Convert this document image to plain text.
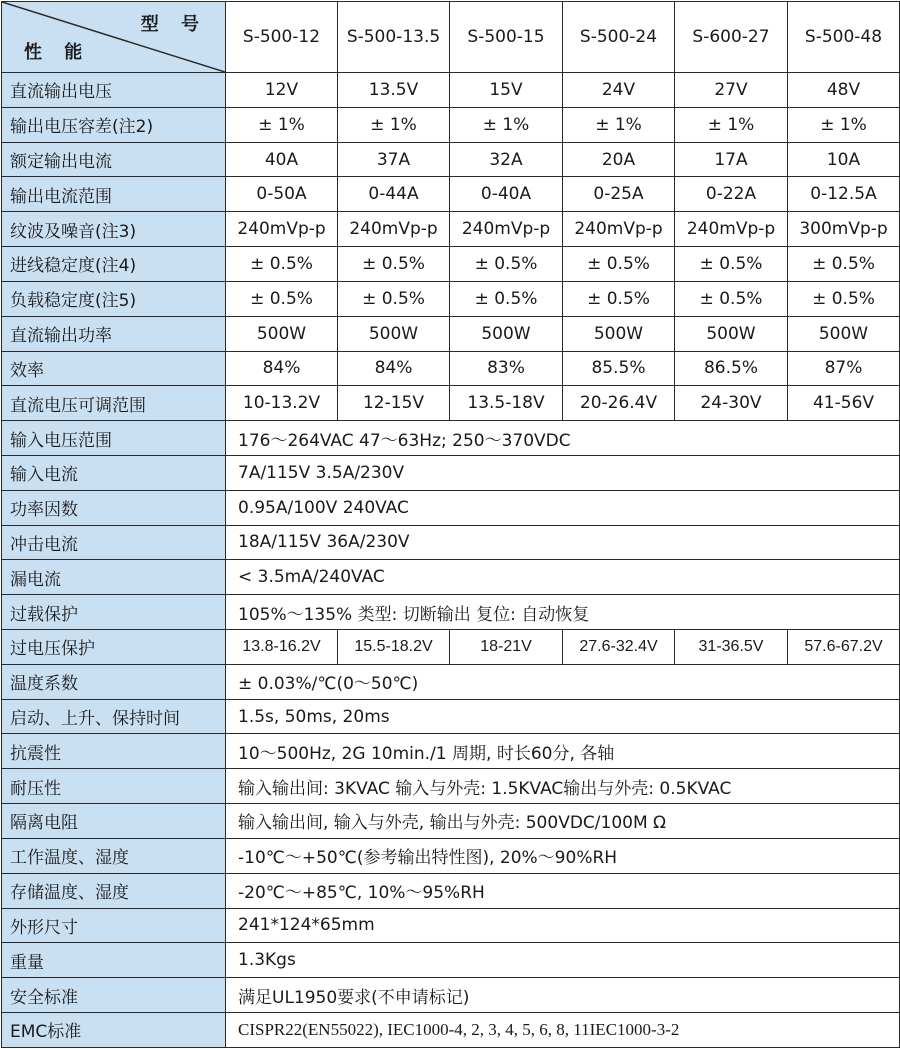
型 号
性 能	S-500-12	S-500-13.5	S-500-15	S-500-24	S-600-27	S-500-48
直流输出电压	12V	13.5V	15V	24V	27V	48V
输出电压容差(注2)	± 1%	± 1%	± 1%	± 1%	± 1%	± 1%
额定输出电流	40A	37A	32A	20A	17A	10A
输出电流范围	0-50A	0-44A	0-40A	0-25A	0-22A	0-12.5A
纹波及噪音(注3)	240mVp-p	240mVp-p	240mVp-p	240mVp-p	240mVp-p	300mVp-p
进线稳定度(注4)	± 0.5%	± 0.5%	± 0.5%	± 0.5%	± 0.5%	± 0.5%
负载稳定度(注5)	± 0.5%	± 0.5%	± 0.5%	± 0.5%	± 0.5%	± 0.5%
直流输出功率	500W	500W	500W	500W	500W	500W
效率	84%	84%	83%	85.5%	86.5%	87%
直流电压可调范围	10-13.2V	12-15V	13.5-18V	20-26.4V	24-30V	41-56V
输入电压范围	176～264VAC 47～63Hz; 250～370VDC					
输入电流	7A/115V 3.5A/230V					
功率因数	0.95A/100V 240VAC					
冲击电流	18A/115V 36A/230V					
漏电流	< 3.5mA/240VAC					
过载保护	105%～135% 类型: 切断输出 复位: 自动恢复					
过电压保护	13.8-16.2V	15.5-18.2V	18-21V	27.6-32.4V	31-36.5V	57.6-67.2V
温度系数	± 0.03%/℃(0～50℃)					
启动、上升、保持时间	1.5s, 50ms, 20ms					
抗震性	10～500Hz, 2G 10min./1 周期, 时长60分, 各轴					
耐压性	输入输出间: 3KVAC 输入与外壳: 1.5KVAC输出与外壳: 0.5KVAC					
隔离电阻	输入输出间, 输入与外壳, 输出与外壳: 500VDC/100M Ω					
工作温度、湿度	-10℃～+50℃(参考输出特性图), 20%～90%RH					
存储温度、湿度	-20℃～+85℃, 10%～95%RH					
外形尺寸	241*124*65mm					
重量	1.3Kgs					
安全标准	满足UL1950要求(不申请标记)					
EMC标准	CISPR22(EN55022), IEC1000-4, 2, 3, 4, 5, 6, 8, 11IEC1000-3-2					
